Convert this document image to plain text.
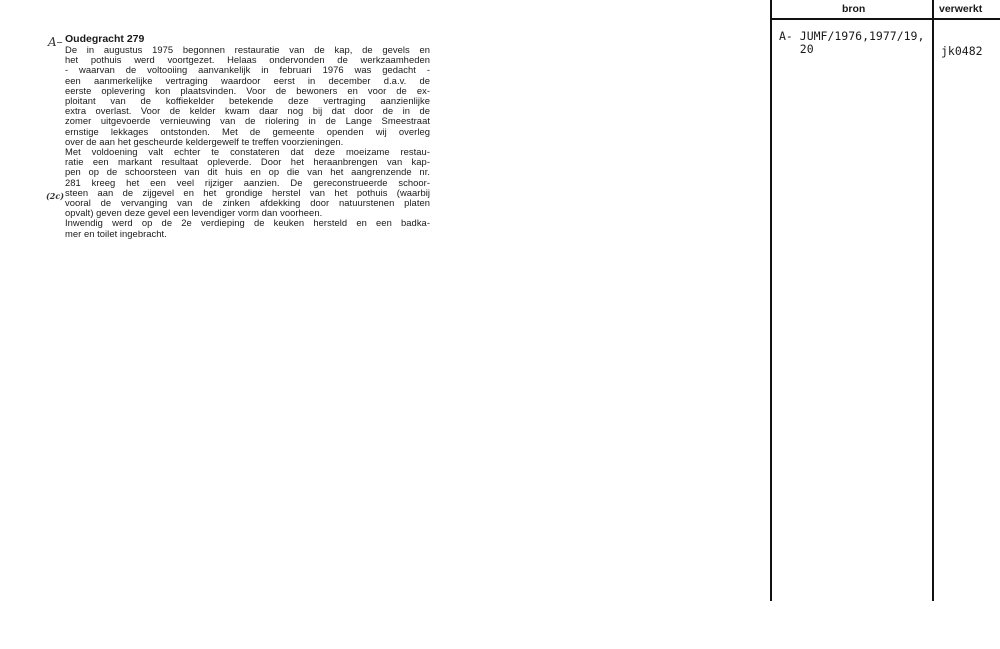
A–
(2c)

Oudegracht 279

De in augustus 1975 begonnen restauratie van de kap, de gevels en
het pothuis werd voortgezet. Helaas ondervonden de werkzaamheden
- waarvan de voltooiing aanvankelijk in februari 1976 was gedacht -
een aanmerkelijke vertraging waardoor eerst in december d.a.v. de
eerste oplevering kon plaatsvinden. Voor de bewoners en voor de ex-
ploitant van de koffiekelder betekende deze vertraging aanzienlijke
extra overlast. Voor de kelder kwam daar nog bij dat door de in de
zomer uitgevoerde vernieuwing van de riolering in de Lange Smeestraat
ernstige lekkages ontstonden. Met de gemeente openden wij overleg
over de aan het gescheurde keldergewelf te treffen voorzieningen.
Met voldoening valt echter te constateren dat deze moeizame restau-
ratie een markant resultaat opleverde. Door het heraanbrengen van kap-
pen op de schoorsteen van dit huis en op die van het aangrenzende nr.
281 kreeg het een veel rijziger aanzien. De gereconstrueerde schoor-
steen aan de zijgevel en het grondige herstel van het pothuis (waarbij
vooral de vervanging van de zinken afdekking door natuurstenen platen
opvalt) geven deze gevel een levendiger vorm dan voorheen.
Inwendig werd op de 2e verdieping de keuken hersteld en een badka-
mer en toilet ingebracht.
bron	verwerkt
A- JUMF/1976,1977/19,
20	jk0482
